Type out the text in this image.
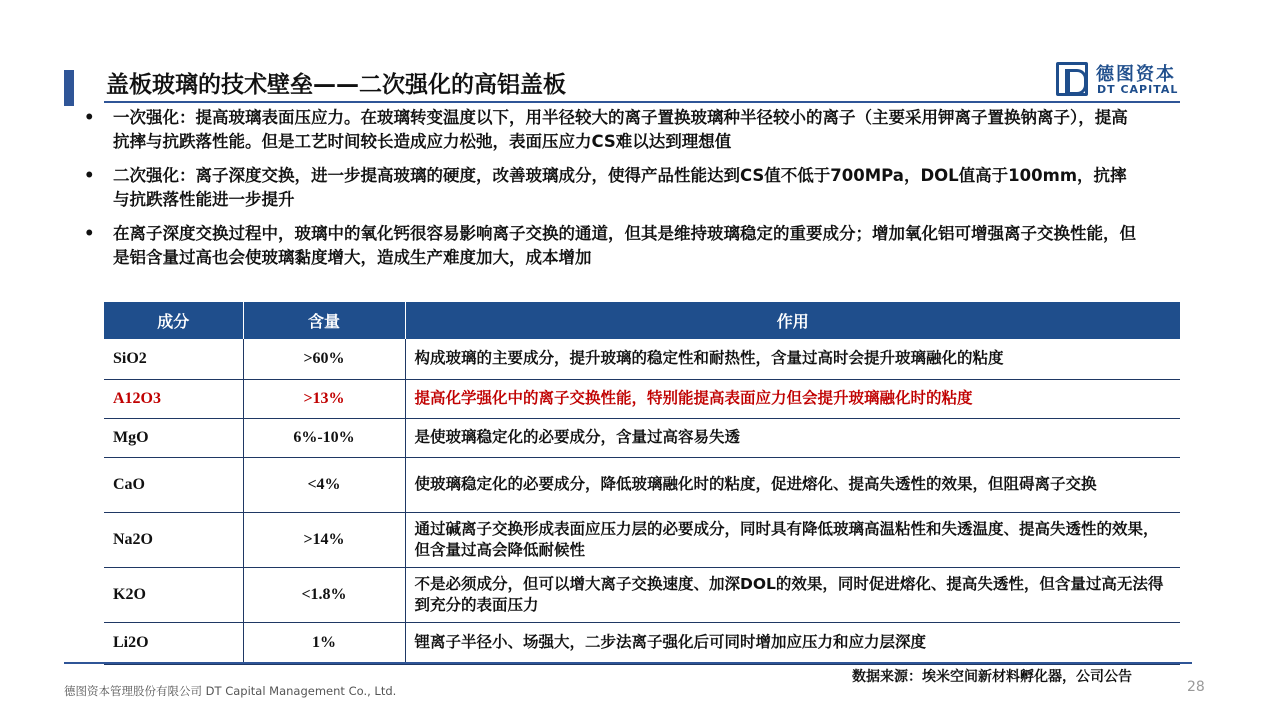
盖板玻璃的技术壁垒——二次强化的高铝盖板	德图资本
DT CAPITAL
• 一次强化：提高玻璃表面压应力。在玻璃转变温度以下，用半径较大的离子置换玻璃种半径较小的离子（主要采用钾离子置换钠离子），提高抗摔与抗跌落性能。但是工艺时间较长造成应力松弛，表面压应力CS难以达到理想值
• 二次强化：离子深度交换，进一步提高玻璃的硬度，改善玻璃成分，使得产品性能达到CS值不低于700MPa，DOL值高于100mm，抗摔与抗跌落性能进一步提升
• 在离子深度交换过程中，玻璃中的氧化钙很容易影响离子交换的通道，但其是维持玻璃稳定的重要成分；增加氧化铝可增强离子交换性能，但是铝含量过高也会使玻璃黏度增大，造成生产难度加大，成本增加
成分	含量	作用
SiO2	>60%	构成玻璃的主要成分，提升玻璃的稳定性和耐热性，含量过高时会提升玻璃融化的粘度
A12O3	>13%	提高化学强化中的离子交换性能，特别能提高表面应力但会提升玻璃融化时的粘度
MgO	6%-10%	是使玻璃稳定化的必要成分，含量过高容易失透
CaO	<4%	使玻璃稳定化的必要成分，降低玻璃融化时的粘度，促进熔化、提高失透性的效果，但阻碍离子交换
Na2O	>14%	通过碱离子交换形成表面应压力层的必要成分，同时具有降低玻璃高温粘性和失透温度、提高失透性的效果，但含量过高会降低耐候性
K2O	<1.8%	不是必须成分，但可以增大离子交换速度、加深DOL的效果，同时促进熔化、提高失透性，但含量过高无法得到充分的表面压力
Li2O	1%	锂离子半径小、场强大，二步法离子强化后可同时增加应压力和应力层深度
数据来源：埃米空间新材料孵化器，公司公告
德图资本管理股份有限公司 DT Capital Management Co., Ltd.	28
